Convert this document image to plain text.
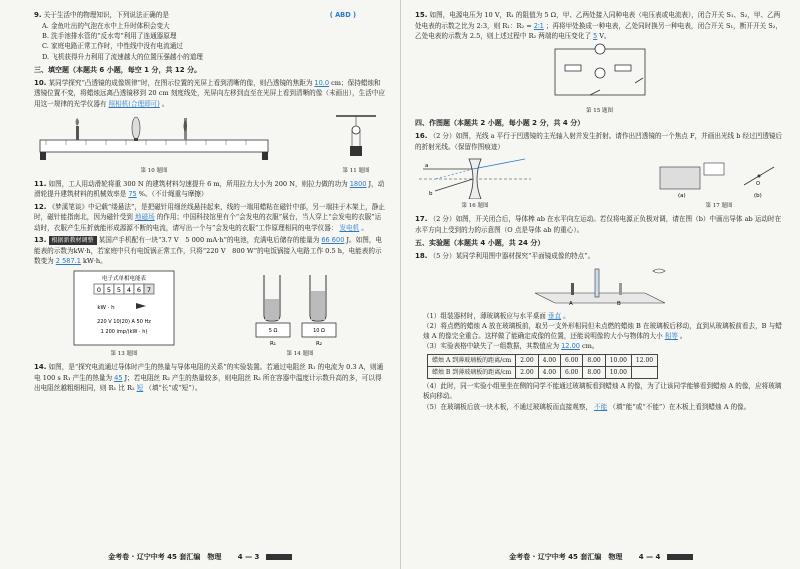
9. 关于生活中的物理知识，下列说法正确的是	( ABD )
A. 金鱼吐出的气泡在水中上升时体积会变大
B. 洗手池排水管的“反水弯”利用了连通器原理
C. 家庭电路正常工作时，中性线中没有电流通过
D. 飞机获得升力利用了流速越大的位置压强越小的道理
三、填空题（本题共 6 小题，每空 1 分，共 12 分。
10. 某同学探究“凸透镜的成像规律”时，在图示位置的光屏上看到清晰的像，则凸透镜的焦距为 10.0 cm；保持蜡烛和透镜位置不变，将蜡烛远离凸透镜移到 20 cm 刻度线处，光屏向左移到直至在光屏上看到清晰的像（未画出），生活中应用这一规律的光学仪器有 照相机(合理即可) 。
第 10 题图	第 11 题图
11. 如图，工人用动滑轮将重 300 N 的建筑材料匀速提升 6 m，所用拉力大小为 200 N，则拉力做的功为 1800 J，动滑轮提升建筑材料的机械效率是 75 %。（不计绳重与摩擦）
12. 《梦溪笔谈》中记载“缕悬法”，是把磁针用细丝线悬挂起来，线的一端用蜡粘在磁针中部，另一端挂于木架上，静止时，磁针能指南北，因为磁针受到 地磁场 的作用；中国科技馆里有个“会发电的衣服”展台，当人穿上“会发电的衣服”运动时，衣服产生压折就能形成源源不断的电流，请写出一个与“会发电的衣服”工作原理相同的电学仪器： 发电机 。
13. 根据新教材调整 某国产手机配有一块“3.7 V　5 000 mA·h”的电池，充满电后储存的能量为 66 600 J。如图，电能表的示数为kW·h，若家庭中只有电饭锅正常工作，只将“220 V　800 W”的电饭锅接入电路工作 0.5 h，电能表的示数变为 2 587.1 kW·h。
电子式单相电能表
0 5 5 4 6 7
kW · h
220 V 10(20) A 50 Hz
1 200 imp/(kW · h)
第 13 题图
5 Ω	10 Ω
R₁	R₂
第 14 题图
14. 如图，是“探究电流通过导体时产生的热量与导体电阻的关系”的实验装置。若通过电阻丝 R₁ 的电流为 0.3 A，则通电 100 s R₁ 产生的热量为 45 J；若电阻丝 R₂ 产生的热量较多，则电阻丝 R₂ 所在容器中温度计示数升高的多，可以得出电阻丝越粗细相同，则 R₁ 比 R₂ 短 （填“长”或“短”）。
金考卷 · 辽宁中考 45 套汇编　物理 4 — 3
15. 如图，电源电压为 10 V，R₁ 的阻值为 5 Ω，甲、乙两处接入同种电表（电压表或电流表），闭合开关 S₁、S₂，甲、乙两处电表的示数之比为 2:3，则 R₁：R₂ = 2∶1 ；再将甲处换成一种电表，乙处同时换另一种电表，闭合开关 S₁，断开开关 S₂，乙处电表的示数为 2.5，则上述过程中 R₂ 两端的电压变化了 5 V。
第 15 题图
四、作图题（本题共 2 小题，每小题 2 分，共 4 分）
16. （2 分）如图，光线 a 平行于凹透镜的主光轴入射并发生折射。请作出凹透镜的一个焦点 F，并画出光线 b 经过凹透镜后的折射光线。（保留作图痕迹）
a
b
第 16 题图
O
(a)	(b)
第 17 题图
17. （2 分）如图，开关闭合后，导体棒 ab 在水平向左运动。若仅将电源正负极对调，请在图（b）中画出导体 ab 运动时在水平方向上受到的力的示意图（O 点是导体 ab 的重心）。
五、实验题（本题共 4 小题，共 24 分）
18. （5 分）某同学利用图中器材探究“平面镜成像的特点”。
A	B
（1）组装器材时，薄玻璃板应与水平桌面 垂直 。
（2）将点燃的蜡烛 A 放在玻璃板前，取另一支外形相同但未点燃的蜡烛 B 在玻璃板后移动，直到从玻璃板前看去，B 与蜡烛 A 的像完全重合。这样做了能确定成像的位置，还能说明像的大小与物体的大小 相等 。
（3）实验表格中缺失了一组数据，其数值应为 12.00 cm。
蜡烛 A 到薄玻璃板的距离/cm	2.00	4.00	6.00	8.00	10.00	12.00
蜡烛 B 到薄玻璃板的距离/cm	2.00	4.00	6.00	8.00	10.00	
（4）此时，同一实验小组里坐在侧的同学不能通过玻璃板看到蜡烛 A 的像，为了让该同学能够看到蜡烛 A 的像，应将玻璃板向移动。
（5）在玻璃板后放一块木板，不通过玻璃板而直接观察， 不能 （填“能”或“不能”）在木板上看到蜡烛 A 的像。
金考卷 · 辽宁中考 45 套汇编　物理 4 — 4
